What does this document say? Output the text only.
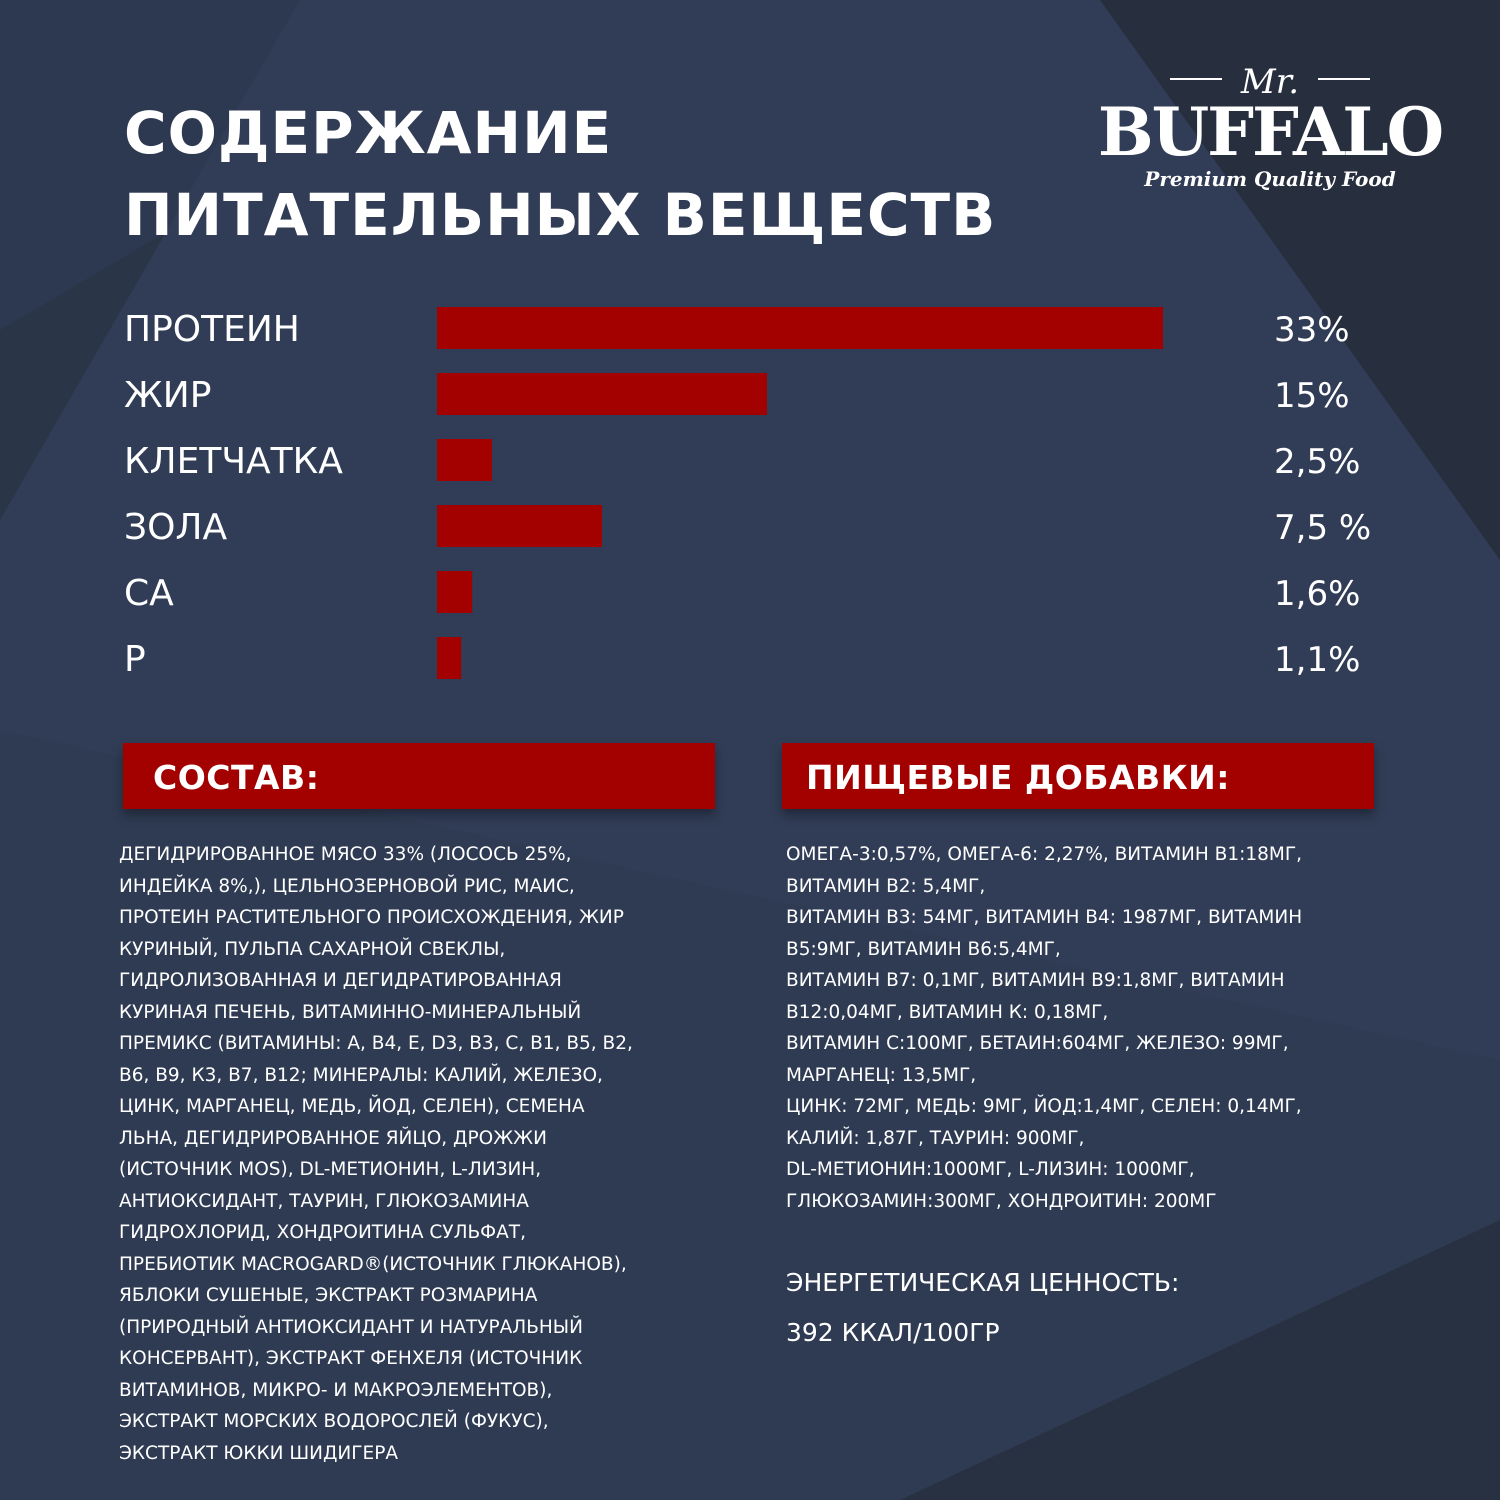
СОДЕРЖАНИЕ
ПИТАТЕЛЬНЫХ ВЕЩЕСТВ
Mr.
BUFFALO
Premium Quality Food
ПРОТЕИН	33%
ЖИР	15%
КЛЕТЧАТКА	2,5%
ЗОЛА	7,5 %
CA	1,6%
P	1,1%
СОСТАВ:	ПИЩЕВЫЕ ДОБАВКИ:
ДЕГИДРИРОВАННОЕ МЯСО 33% (ЛОСОСЬ 25%,
ИНДЕЙКА 8%,), ЦЕЛЬНОЗЕРНОВОЙ РИС, МАИС,
ПРОТЕИН РАСТИТЕЛЬНОГО ПРОИСХОЖДЕНИЯ, ЖИР
КУРИНЫЙ, ПУЛЬПА САХАРНОЙ СВЕКЛЫ,
ГИДРОЛИЗОВАННАЯ И ДЕГИДРАТИРОВАННАЯ
КУРИНАЯ ПЕЧЕНЬ, ВИТАМИННО-МИНЕРАЛЬНЫЙ
ПРЕМИКС (ВИТАМИНЫ: А, В4, Е, D3, В3, С, В1, В5, В2,
В6, В9, К3, В7, В12; МИНЕРАЛЫ: КАЛИЙ, ЖЕЛЕЗО,
ЦИНК, МАРГАНЕЦ, МЕДЬ, ЙОД, СЕЛЕН), СЕМЕНА
ЛЬНА, ДЕГИДРИРОВАННОЕ ЯЙЦО, ДРОЖЖИ
(ИСТОЧНИК MOS), DL-МЕТИОНИН, L-ЛИЗИН,
АНТИОКСИДАНТ, ТАУРИН, ГЛЮКОЗАМИНА
ГИДРОХЛОРИД, ХОНДРОИТИНА СУЛЬФАТ,
ПРЕБИОТИК MACROGARD®(ИСТОЧНИК ГЛЮКАНОВ),
ЯБЛОКИ СУШЕНЫЕ, ЭКСТРАКТ РОЗМАРИНА
(ПРИРОДНЫЙ АНТИОКСИДАНТ И НАТУРАЛЬНЫЙ
КОНСЕРВАНТ), ЭКСТРАКТ ФЕНХЕЛЯ (ИСТОЧНИК
ВИТАМИНОВ, МИКРО- И МАКРОЭЛЕМЕНТОВ),
ЭКСТРАКТ МОРСКИХ ВОДОРОСЛЕЙ (ФУКУС),
ЭКСТРАКТ ЮККИ ШИДИГЕРА
ОМЕГА-3:0,57%, ОМЕГА-6: 2,27%, ВИТАМИН В1:18МГ,
ВИТАМИН В2: 5,4МГ,
ВИТАМИН В3: 54МГ, ВИТАМИН В4: 1987МГ, ВИТАМИН
В5:9МГ, ВИТАМИН В6:5,4МГ,
ВИТАМИН В7: 0,1МГ, ВИТАМИН В9:1,8МГ, ВИТАМИН
В12:0,04МГ, ВИТАМИН К: 0,18МГ,
ВИТАМИН С:100МГ, БЕТАИН:604МГ, ЖЕЛЕЗО: 99МГ,
МАРГАНЕЦ: 13,5МГ,
ЦИНК: 72МГ, МЕДЬ: 9МГ, ЙОД:1,4МГ, СЕЛЕН: 0,14МГ,
КАЛИЙ: 1,87Г, ТАУРИН: 900МГ,
DL-МЕТИОНИН:1000МГ, L-ЛИЗИН: 1000МГ,
ГЛЮКОЗАМИН:300МГ, ХОНДРОИТИН: 200МГ
ЭНЕРГЕТИЧЕСКАЯ ЦЕННОСТЬ:
392 ККАЛ/100ГР
